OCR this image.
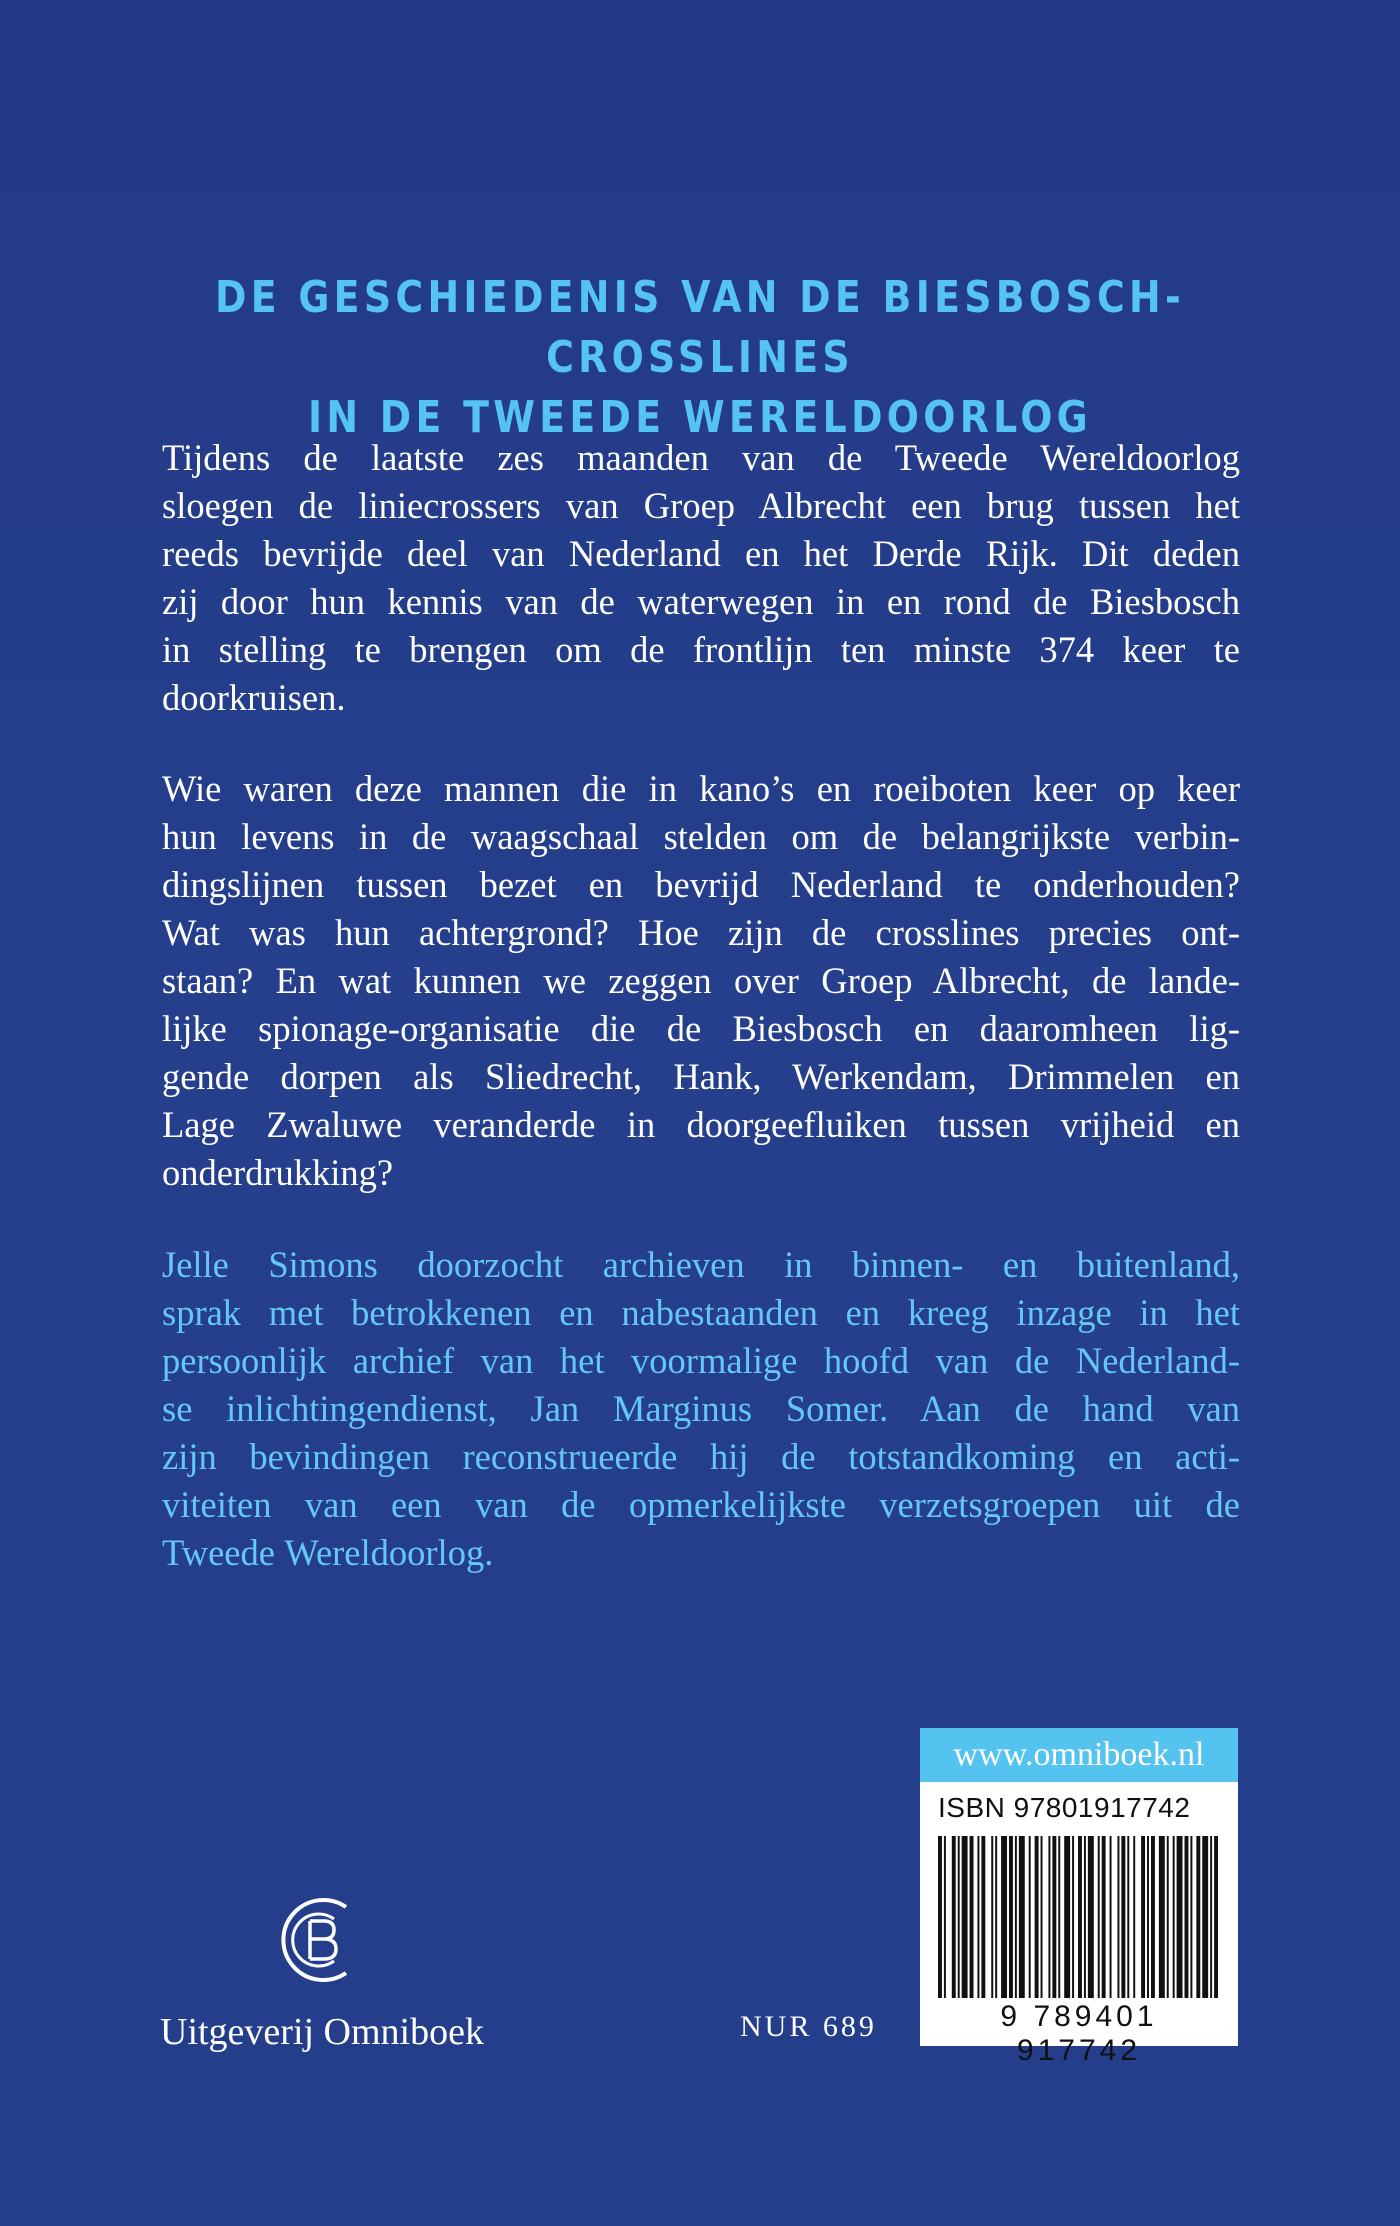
DE GESCHIEDENIS VAN DE BIESBOSCH-CROSSLINES
IN DE TWEEDE WERELDOORLOG
Tijdens de laatste zes maanden van de Tweede Wereldoorlog
sloegen de liniecrossers van Groep Albrecht een brug tussen het
reeds bevrijde deel van Nederland en het Derde Rijk. Dit deden
zij door hun kennis van de waterwegen in en rond de Biesbosch
in stelling te brengen om de frontlijn ten minste 374 keer te
doorkruisen.
Wie waren deze mannen die in kano’s en roeiboten keer op keer
hun levens in de waagschaal stelden om de belangrijkste verbin-
dingslijnen tussen bezet en bevrijd Nederland te onderhouden?
Wat was hun achtergrond? Hoe zijn de crosslines precies ont-
staan? En wat kunnen we zeggen over Groep Albrecht, de lande-
lijke spionage-organisatie die de Biesbosch en daaromheen lig-
gende dorpen als Sliedrecht, Hank, Werkendam, Drimmelen en
Lage Zwaluwe veranderde in doorgeefluiken tussen vrijheid en
onderdrukking?
Jelle Simons doorzocht archieven in binnen- en buitenland,
sprak met betrokkenen en nabestaanden en kreeg inzage in het
persoonlijk archief van het voormalige hoofd van de Nederland-
se inlichtingendienst, Jan Marginus Somer. Aan de hand van
zijn bevindingen reconstrueerde hij de totstandkoming en acti-
viteiten van een van de opmerkelijkste verzetsgroepen uit de
Tweede Wereldoorlog.
www.omniboek.nl
ISBN 97801917742
9 789401 917742
Uitgeverij Omniboek	NUR 689
